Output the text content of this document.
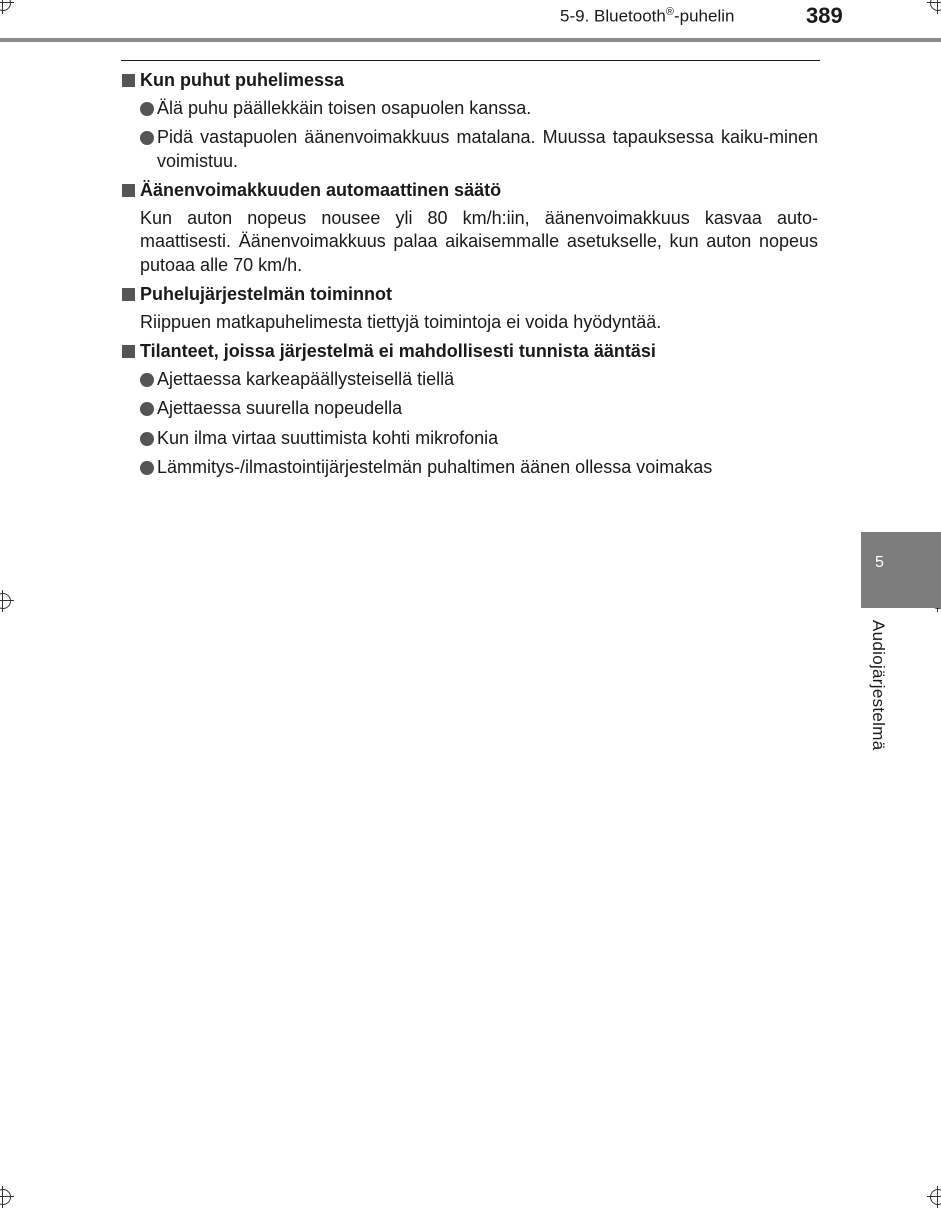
5-9. Bluetooth®-puhelin	389
Kun puhut puhelimessa
Älä puhu päällekkäin toisen osapuolen kanssa.
Pidä vastapuolen äänenvoimakkuus matalana. Muussa tapauksessa kaiku-minen voimistuu.
Äänenvoimakkuuden automaattinen säätö
Kun auton nopeus nousee yli 80 km/h:iin, äänenvoimakkuus kasvaa auto-maattisesti. Äänenvoimakkuus palaa aikaisemmalle asetukselle, kun auton nopeus putoaa alle 70 km/h.
Puhelujärjestelmän toiminnot
Riippuen matkapuhelimesta tiettyjä toimintoja ei voida hyödyntää.
Tilanteet, joissa järjestelmä ei mahdollisesti tunnista ääntäsi
Ajettaessa karkeapäällysteisellä tiellä
Ajettaessa suurella nopeudella
Kun ilma virtaa suuttimista kohti mikrofonia
Lämmitys-/ilmastointijärjestelmän puhaltimen äänen ollessa voimakas
5
Audiojärjestelmä
